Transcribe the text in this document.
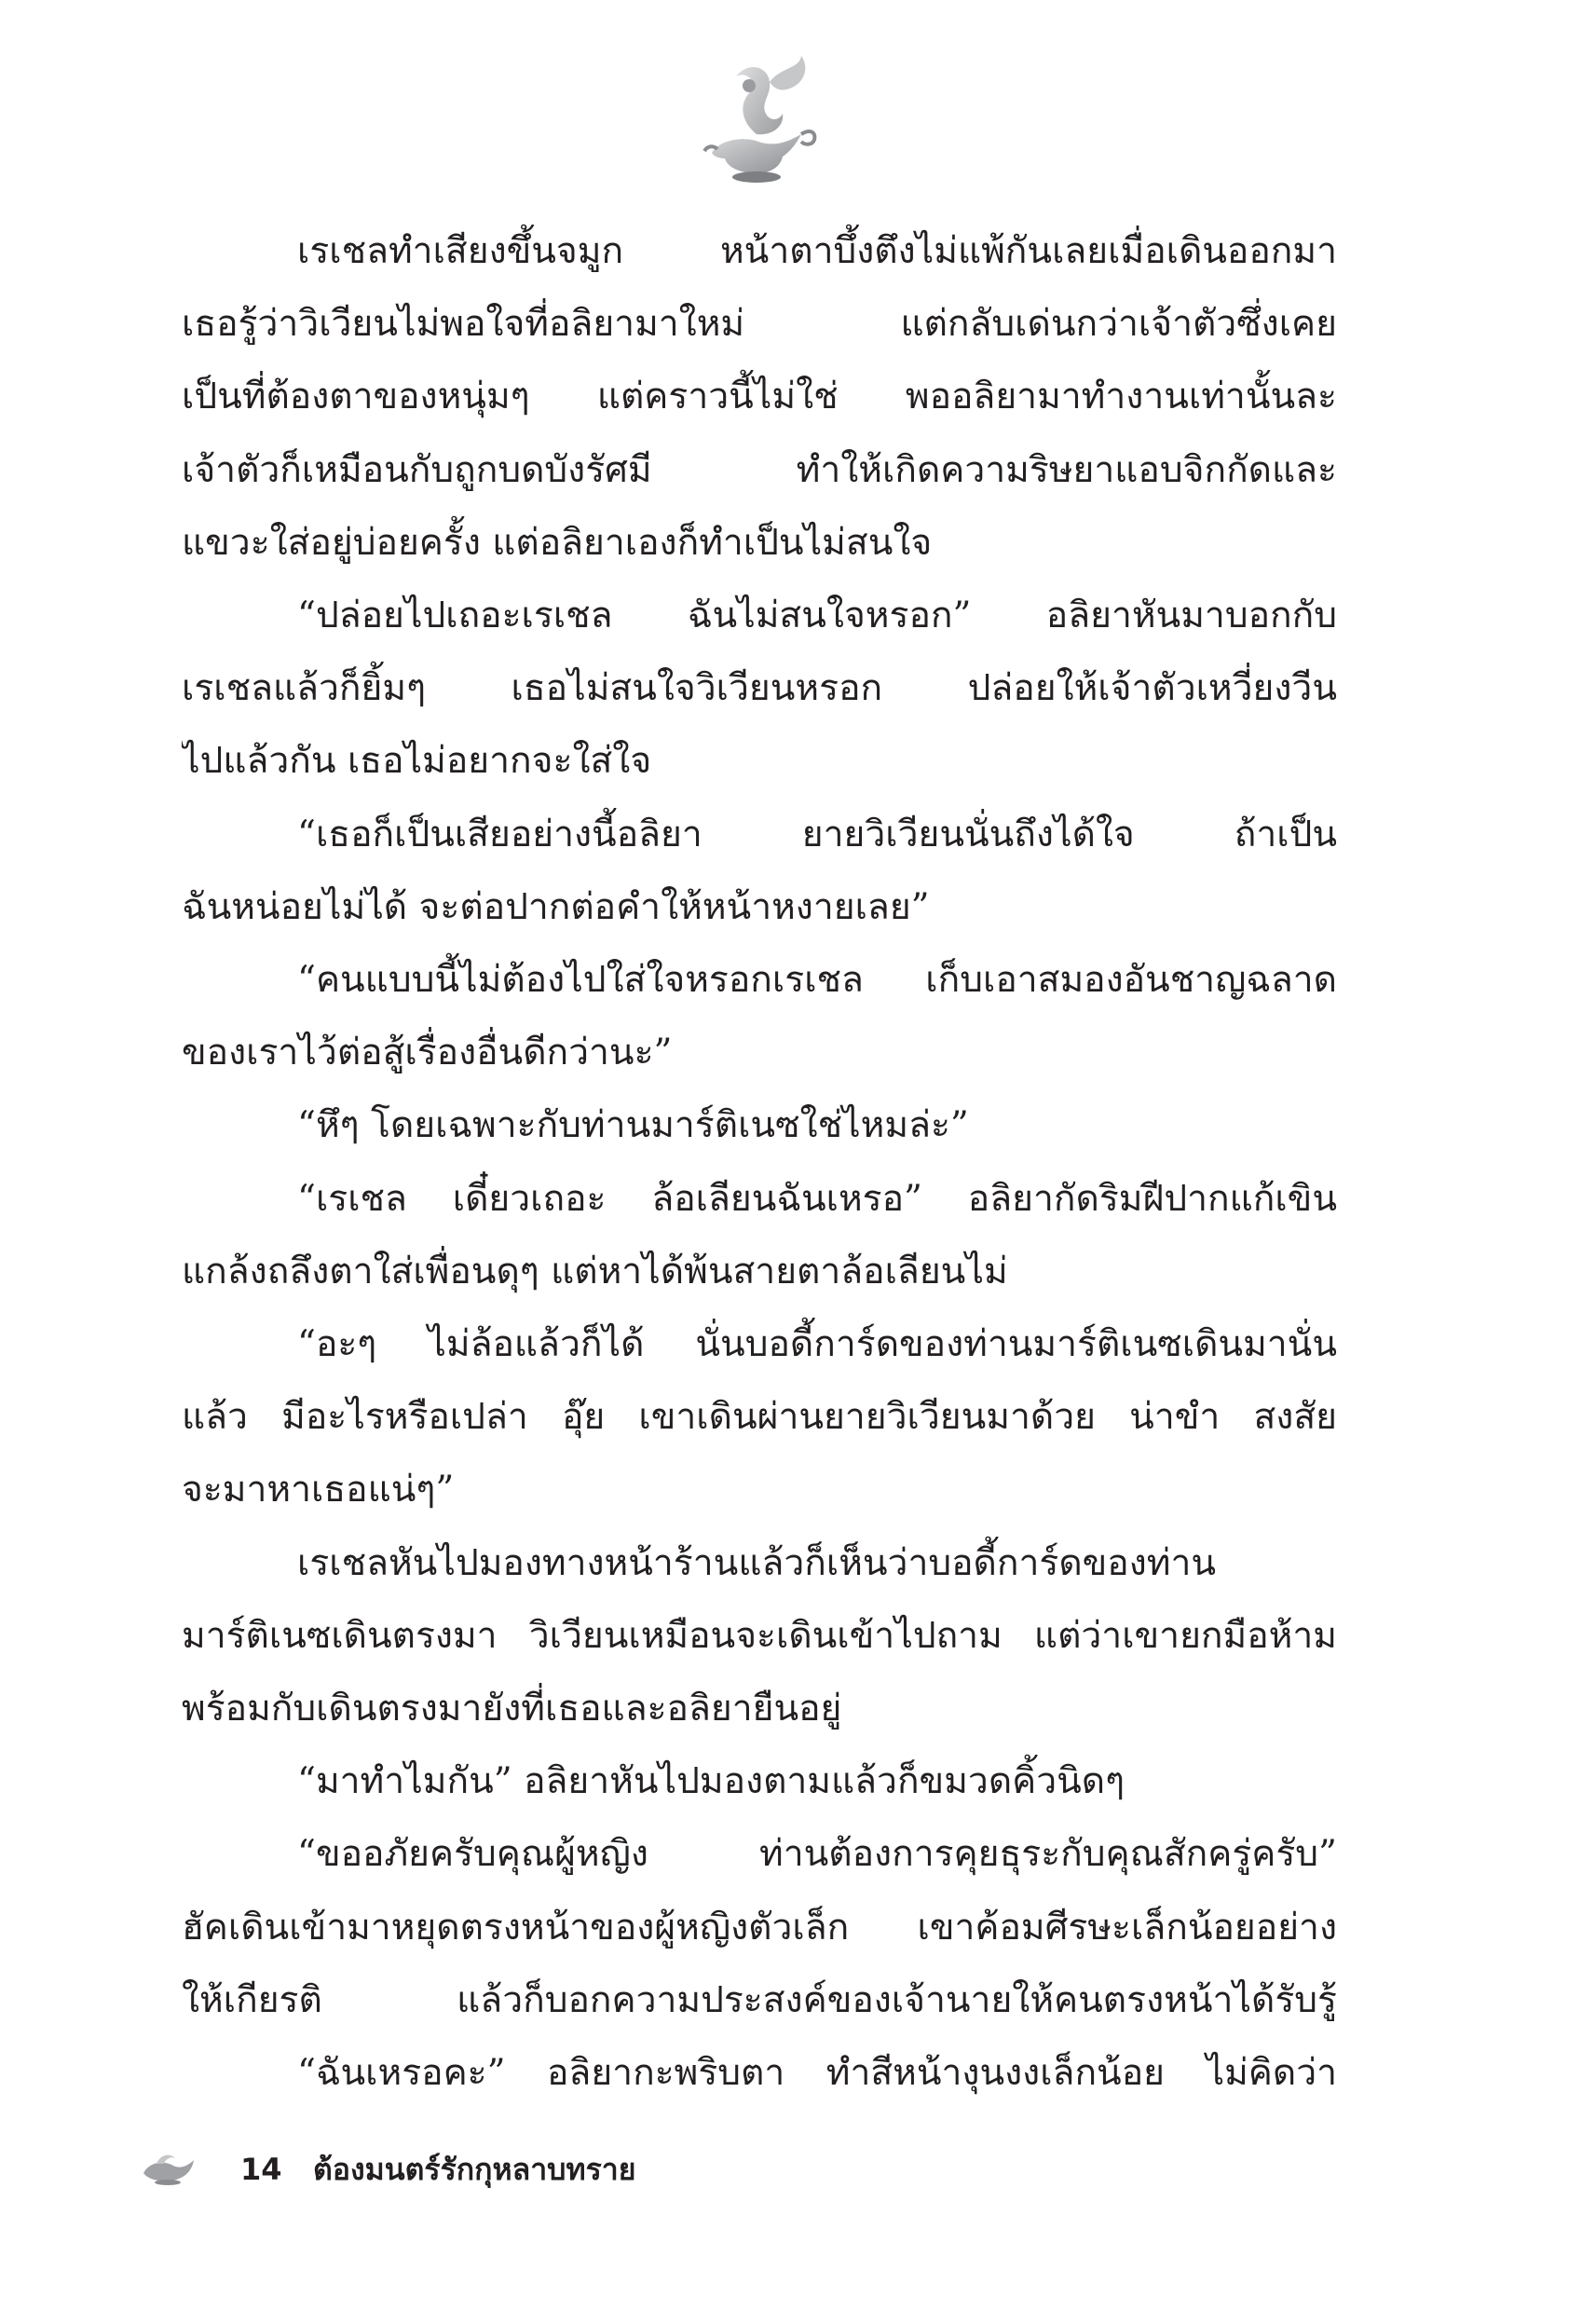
เรเชลทำเสียงขึ้นจมูก หน้าตาบึ้งตึงไม่แพ้กันเลยเมื่อเดินออกมา
เธอรู้ว่าวิเวียนไม่พอใจที่อลิยามาใหม่ แต่กลับเด่นกว่าเจ้าตัวซึ่งเคย
เป็นที่ต้องตาของหนุ่มๆ แต่คราวนี้ไม่ใช่ พออลิยามาทำงานเท่านั้นละ
เจ้าตัวก็เหมือนกับถูกบดบังรัศมี ทำให้เกิดความริษยาแอบจิกกัดและ
แขวะใส่อยู่บ่อยครั้ง แต่อลิยาเองก็ทำเป็นไม่สนใจ
“ปล่อยไปเถอะเรเชล ฉันไม่สนใจหรอก” อลิยาหันมาบอกกับ
เรเชลแล้วก็ยิ้มๆ เธอไม่สนใจวิเวียนหรอก ปล่อยให้เจ้าตัวเหวี่ยงวีน
ไปแล้วกัน เธอไม่อยากจะใส่ใจ
“เธอก็เป็นเสียอย่างนี้อลิยา ยายวิเวียนนั่นถึงได้ใจ ถ้าเป็น
ฉันหน่อยไม่ได้ จะต่อปากต่อคำให้หน้าหงายเลย”
“คนแบบนี้ไม่ต้องไปใส่ใจหรอกเรเชล เก็บเอาสมองอันชาญฉลาด
ของเราไว้ต่อสู้เรื่องอื่นดีกว่านะ”
“หึๆ โดยเฉพาะกับท่านมาร์ติเนซใช่ไหมล่ะ”
“เรเชล เดี๋ยวเถอะ ล้อเลียนฉันเหรอ” อลิยากัดริมฝีปากแก้เขิน
แกล้งถลึงตาใส่เพื่อนดุๆ แต่หาได้พ้นสายตาล้อเลียนไม่
“อะๆ ไม่ล้อแล้วก็ได้ นั่นบอดี้การ์ดของท่านมาร์ติเนซเดินมานั่น
แล้ว มีอะไรหรือเปล่า อุ๊ย เขาเดินผ่านยายวิเวียนมาด้วย น่าขำ สงสัย
จะมาหาเธอแน่ๆ”
เรเชลหันไปมองทางหน้าร้านแล้วก็เห็นว่าบอดี้การ์ดของท่าน
มาร์ติเนซเดินตรงมา วิเวียนเหมือนจะเดินเข้าไปถาม แต่ว่าเขายกมือห้าม
พร้อมกับเดินตรงมายังที่เธอและอลิยายืนอยู่
“มาทำไมกัน” อลิยาหันไปมองตามแล้วก็ขมวดคิ้วนิดๆ
“ขออภัยครับคุณผู้หญิง ท่านต้องการคุยธุระกับคุณสักครู่ครับ”
ฮัคเดินเข้ามาหยุดตรงหน้าของผู้หญิงตัวเล็ก เขาค้อมศีรษะเล็กน้อยอย่าง
ให้เกียรติ แล้วก็บอกความประสงค์ของเจ้านายให้คนตรงหน้าได้รับรู้
“ฉันเหรอคะ” อลิยากะพริบตา ทำสีหน้างุนงงเล็กน้อย ไม่คิดว่า
14 ต้องมนตร์รักกุหลาบทราย
